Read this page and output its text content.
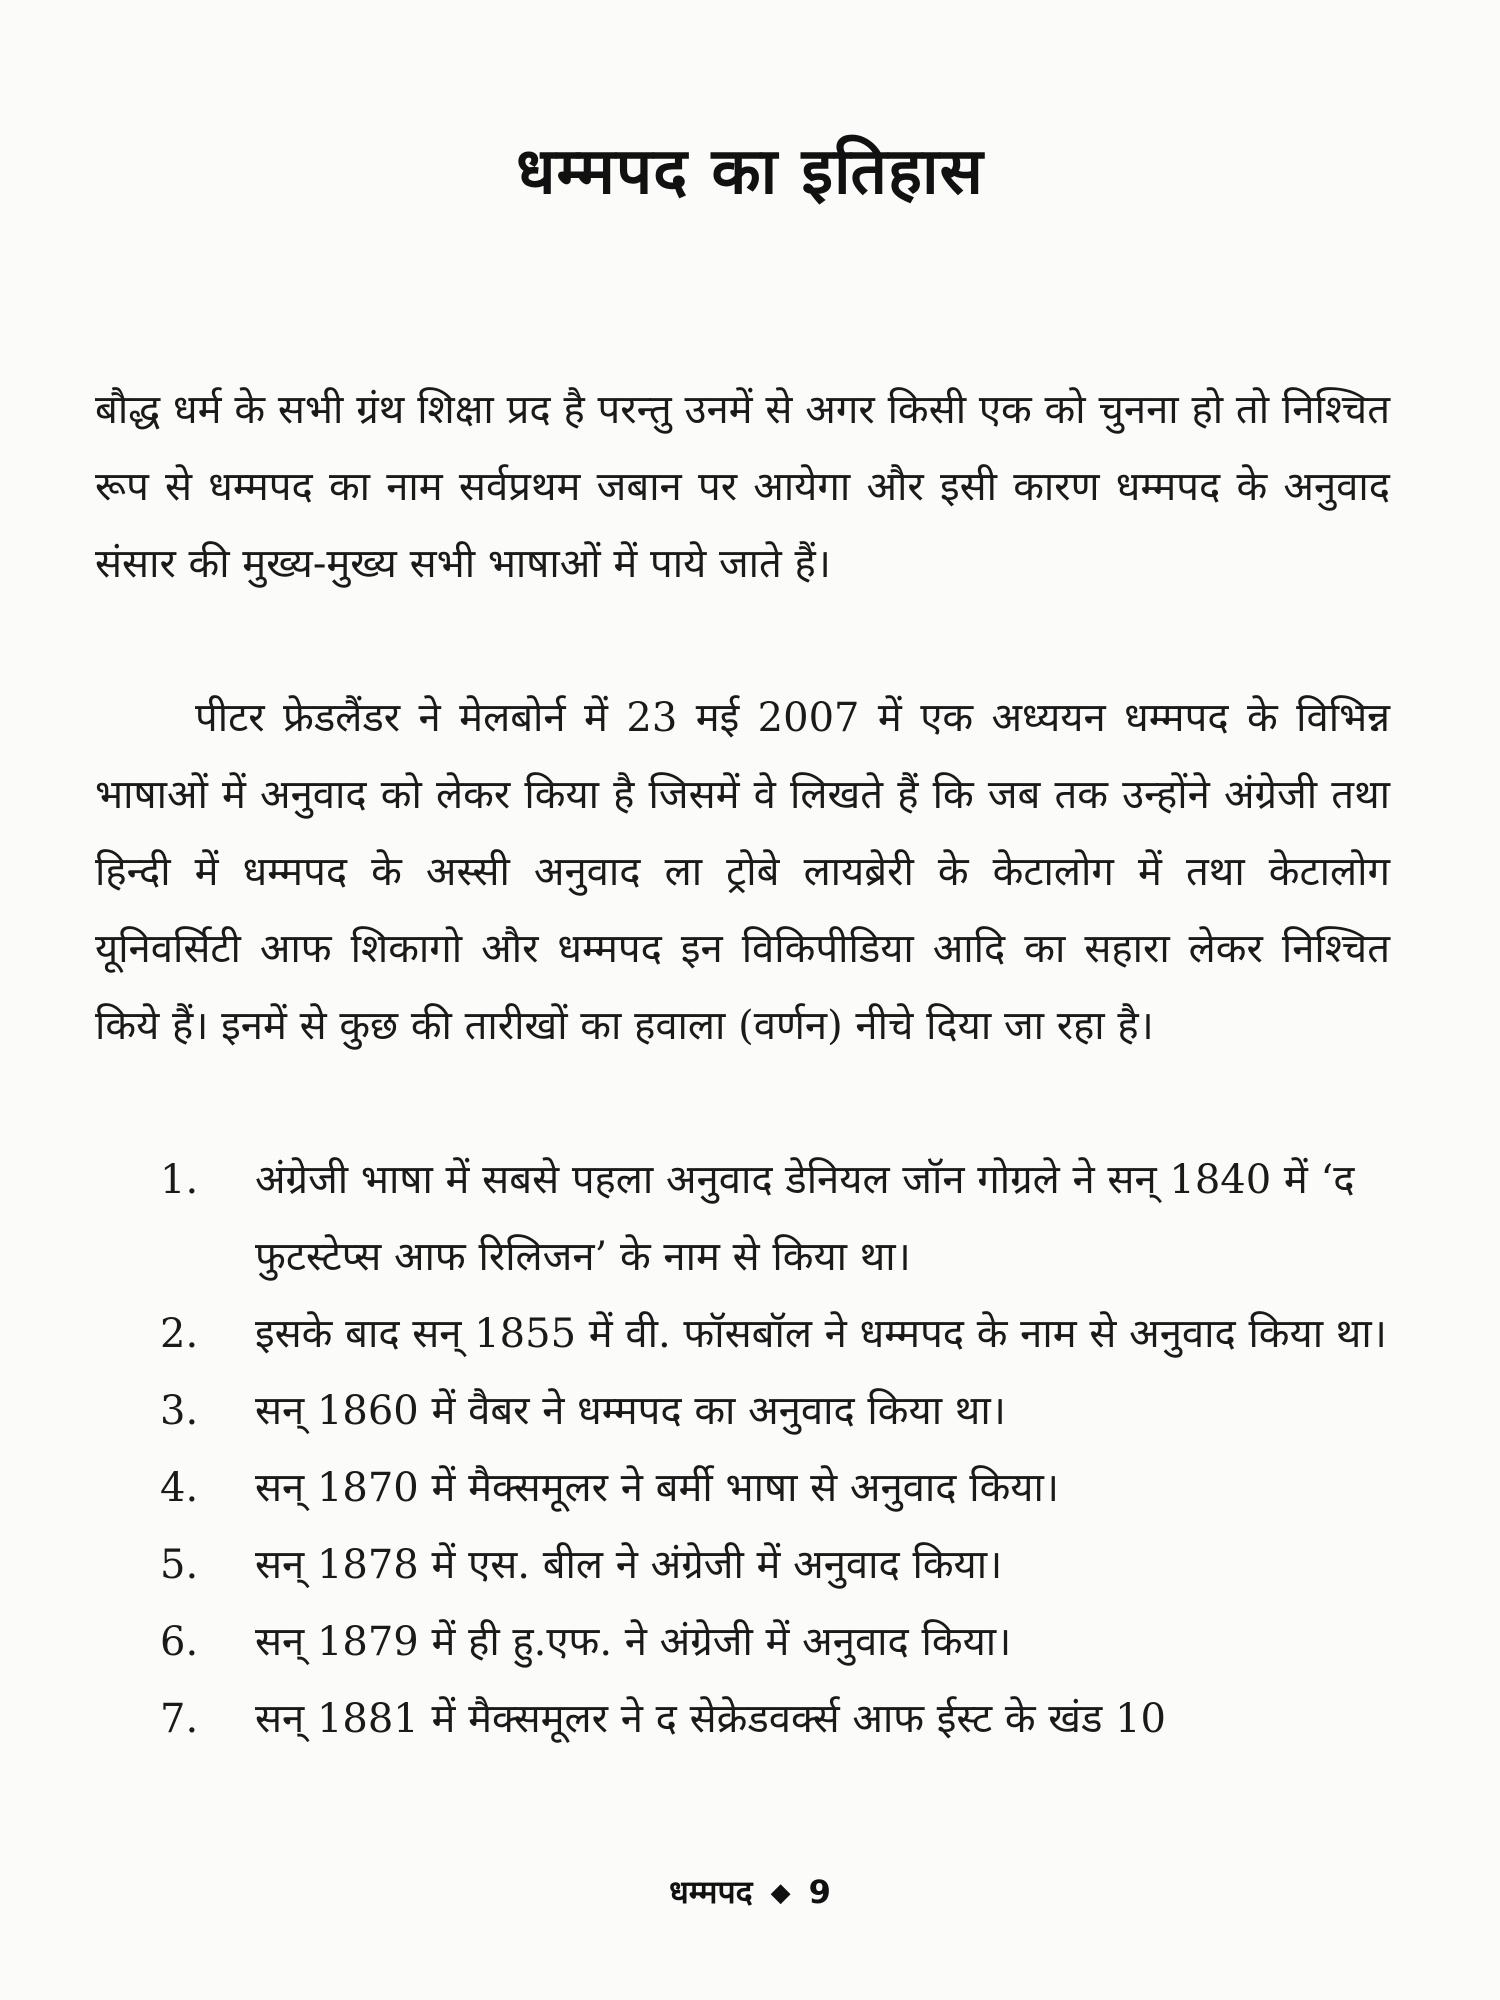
धम्मपद का इतिहास

बौद्ध धर्म के सभी ग्रंथ शिक्षा प्रद है परन्तु उनमें से अगर किसी एक को चुनना हो तो निश्चित रूप से धम्मपद का नाम सर्वप्रथम जबान पर आयेगा और इसी कारण धम्मपद के अनुवाद संसार की मुख्य-मुख्य सभी भाषाओं में पाये जाते हैं।

पीटर फ्रेडलैंडर ने मेलबोर्न में 23 मई 2007 में एक अध्ययन धम्मपद के विभिन्न भाषाओं में अनुवाद को लेकर किया है जिसमें वे लिखते हैं कि जब तक उन्होंने अंग्रेजी तथा हिन्दी में धम्मपद के अस्सी अनुवाद ला ट्रोबे लायब्रेरी के केटालोग में तथा केटालोग यूनिवर्सिटी आफ शिकागो और धम्मपद इन विकिपीडिया आदि का सहारा लेकर निश्चित किये हैं। इनमें से कुछ की तारीखों का हवाला (वर्णन) नीचे दिया जा रहा है।

1. अंग्रेजी भाषा में सबसे पहला अनुवाद डेनियल जॉन गोग्रले ने सन् 1840 में ‘द फुटस्टेप्स आफ रिलिजन’ के नाम से किया था।
2. इसके बाद सन् 1855 में वी. फॉसबॉल ने धम्मपद के नाम से अनुवाद किया था।
3. सन् 1860 में वैबर ने धम्मपद का अनुवाद किया था।
4. सन् 1870 में मैक्समूलर ने बर्मी भाषा से अनुवाद किया।
5. सन् 1878 में एस. बील ने अंग्रेजी में अनुवाद किया।
6. सन् 1879 में ही हु.एफ. ने अंग्रेजी में अनुवाद किया।
7. सन् 1881 में मैक्समूलर ने द सेक्रेडवर्क्स आफ ईस्ट के खंड 10
धम्मपद ◆ 9
